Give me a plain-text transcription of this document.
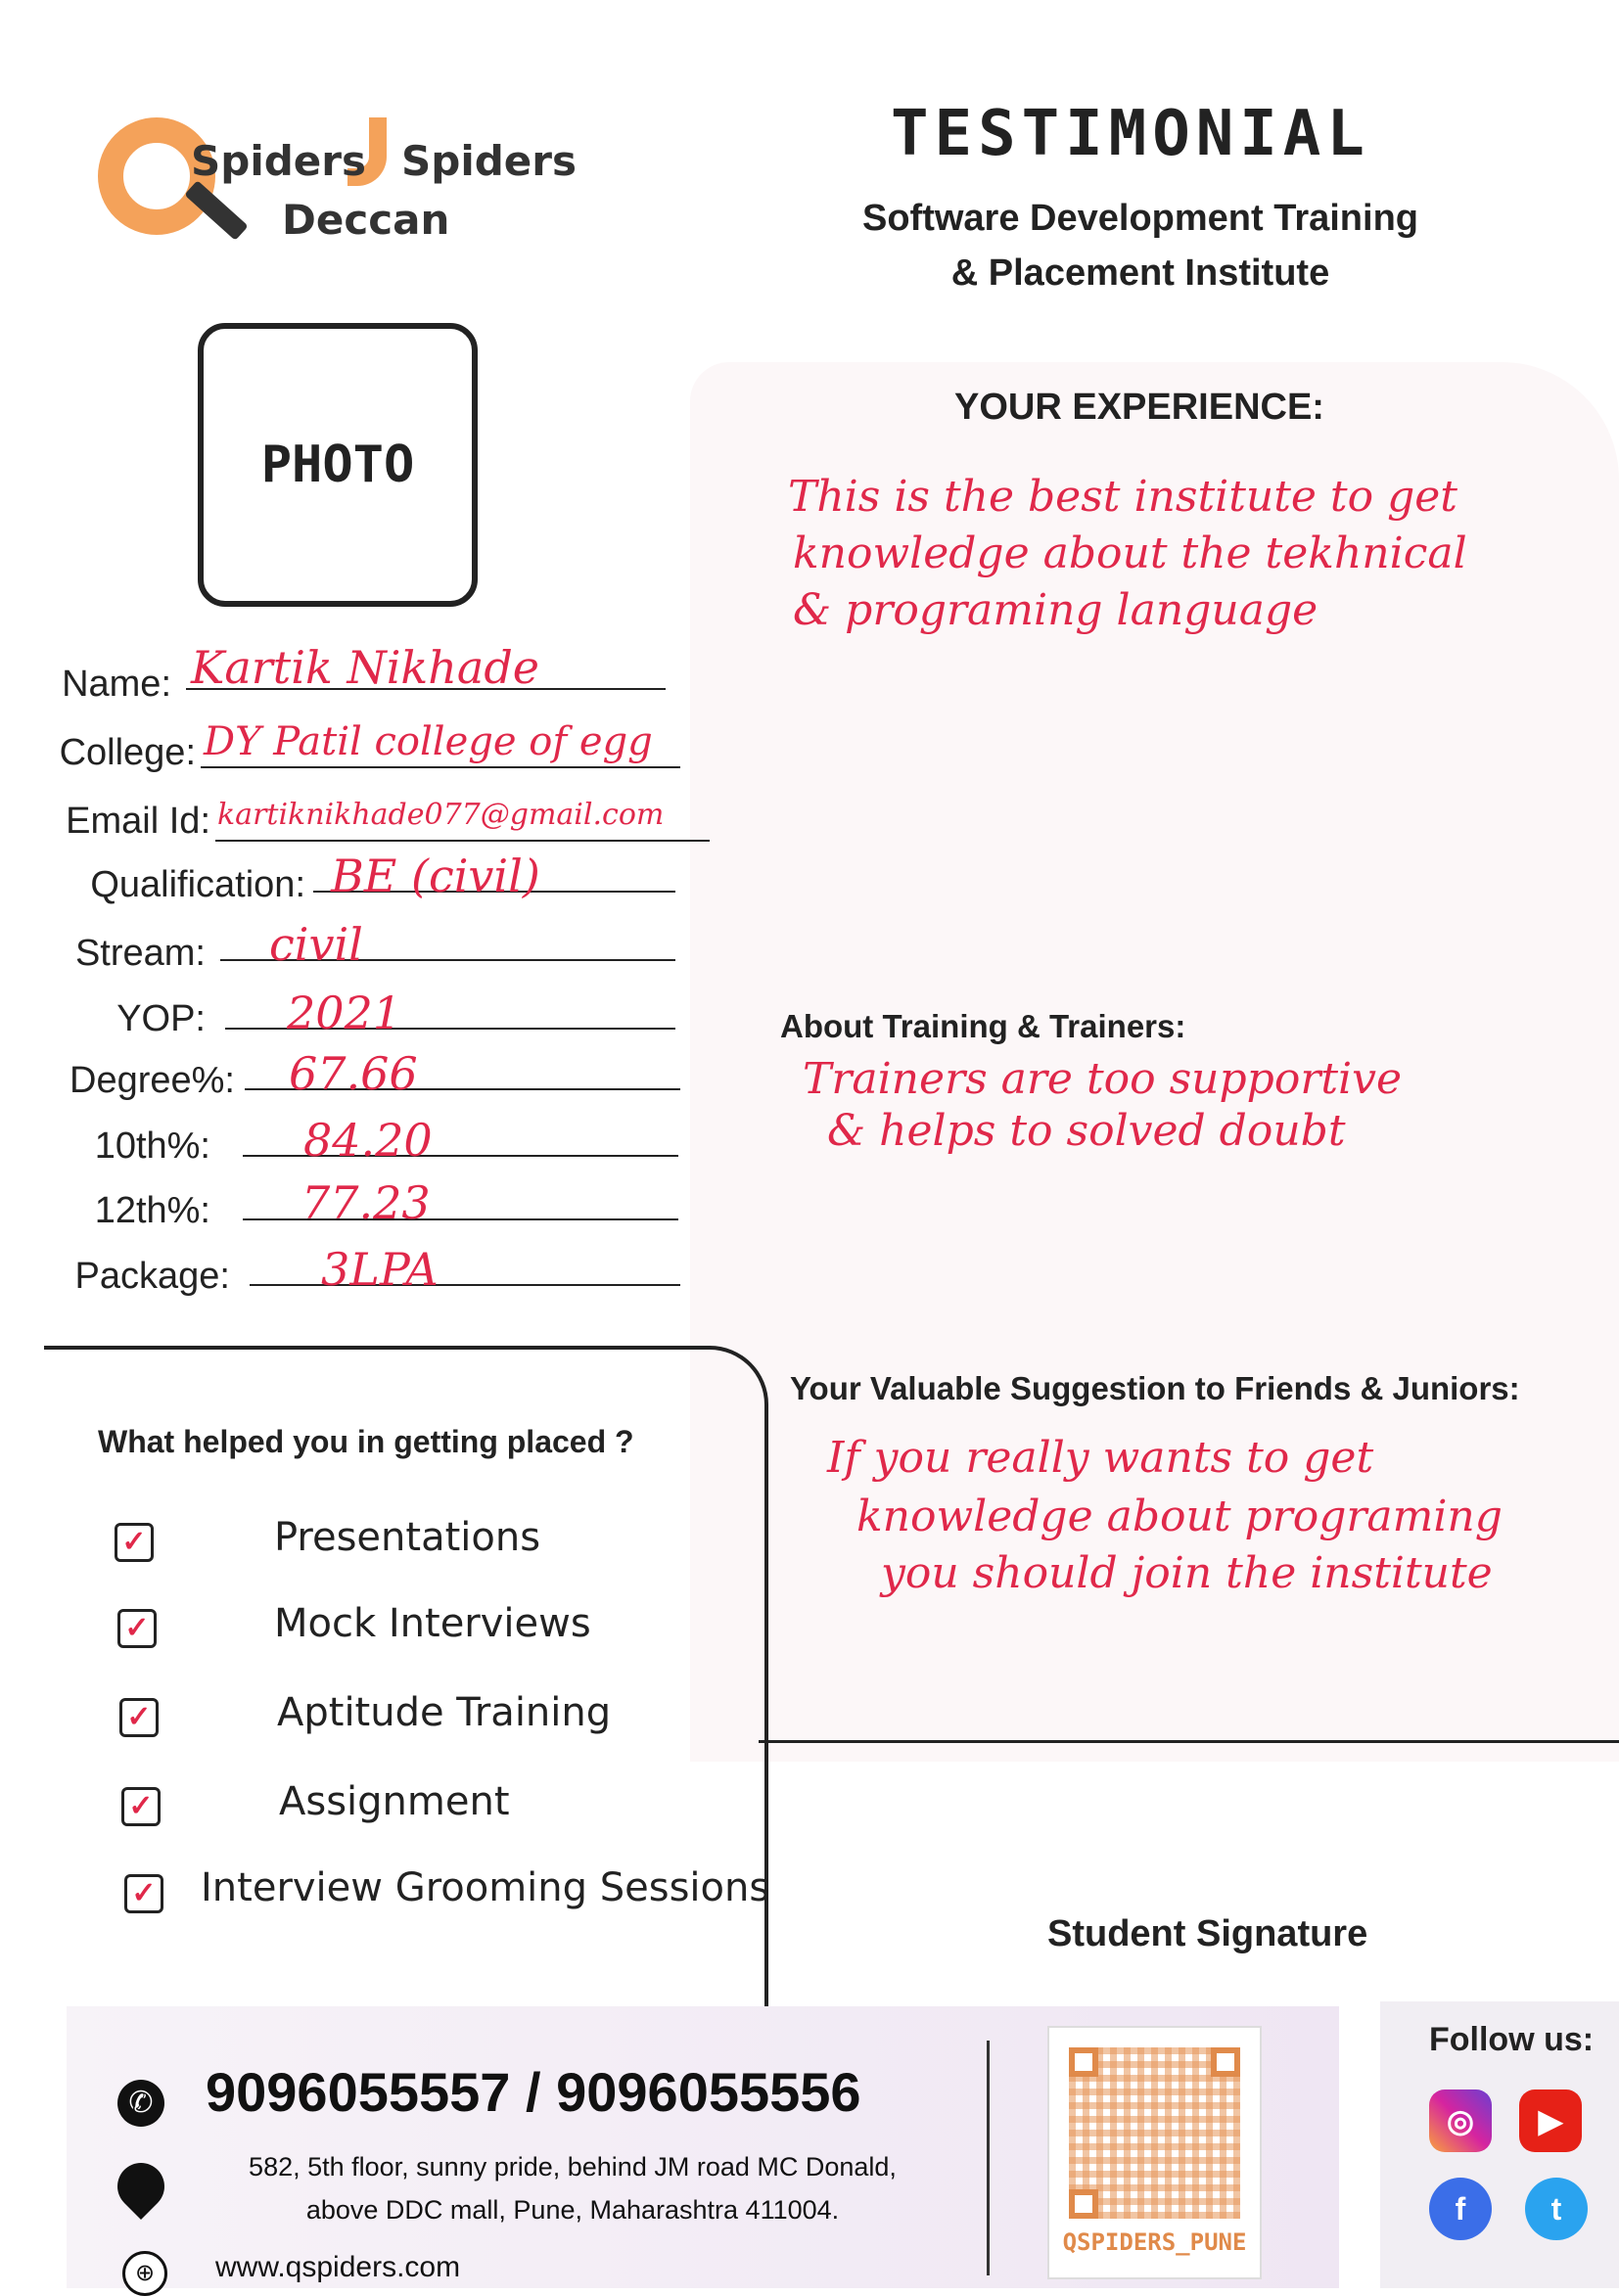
Spiders Spiders
Deccan
TESTIMONIAL
Software Development Training
& Placement Institute
PHOTO
YOUR EXPERIENCE:
This is the best institute to get
knowledge about the tekhnical
& programing language
About Training & Trainers:
Trainers are too supportive
& helps to solved doubt
Your Valuable Suggestion to Friends & Juniors:
If you really wants to get
knowledge about programing
you should join the institute
Student Signature
Name: Kartik Nikhade
College: DY Patil college of egg
Email Id: kartiknikhade077@gmail.com
Qualification: BE (civil)
Stream: civil
YOP: 2021
Degree%: 67.66
10th%: 84.20
12th%: 77.23
Package: 3LPA
What helped you in getting placed ?
✓	Presentations
✓	Mock Interviews
✓	Aptitude Training
✓	Assignment
✓ Interview Grooming Sessions
✆ 9096055557 / 9096055556
582, 5th floor, sunny pride, behind JM road MC Donald,
above DDC mall, Pune, Maharashtra 411004.
⊕	www.qspiders.com
QSPIDERS_PUNE
Follow us:
◎	▶
f	t
